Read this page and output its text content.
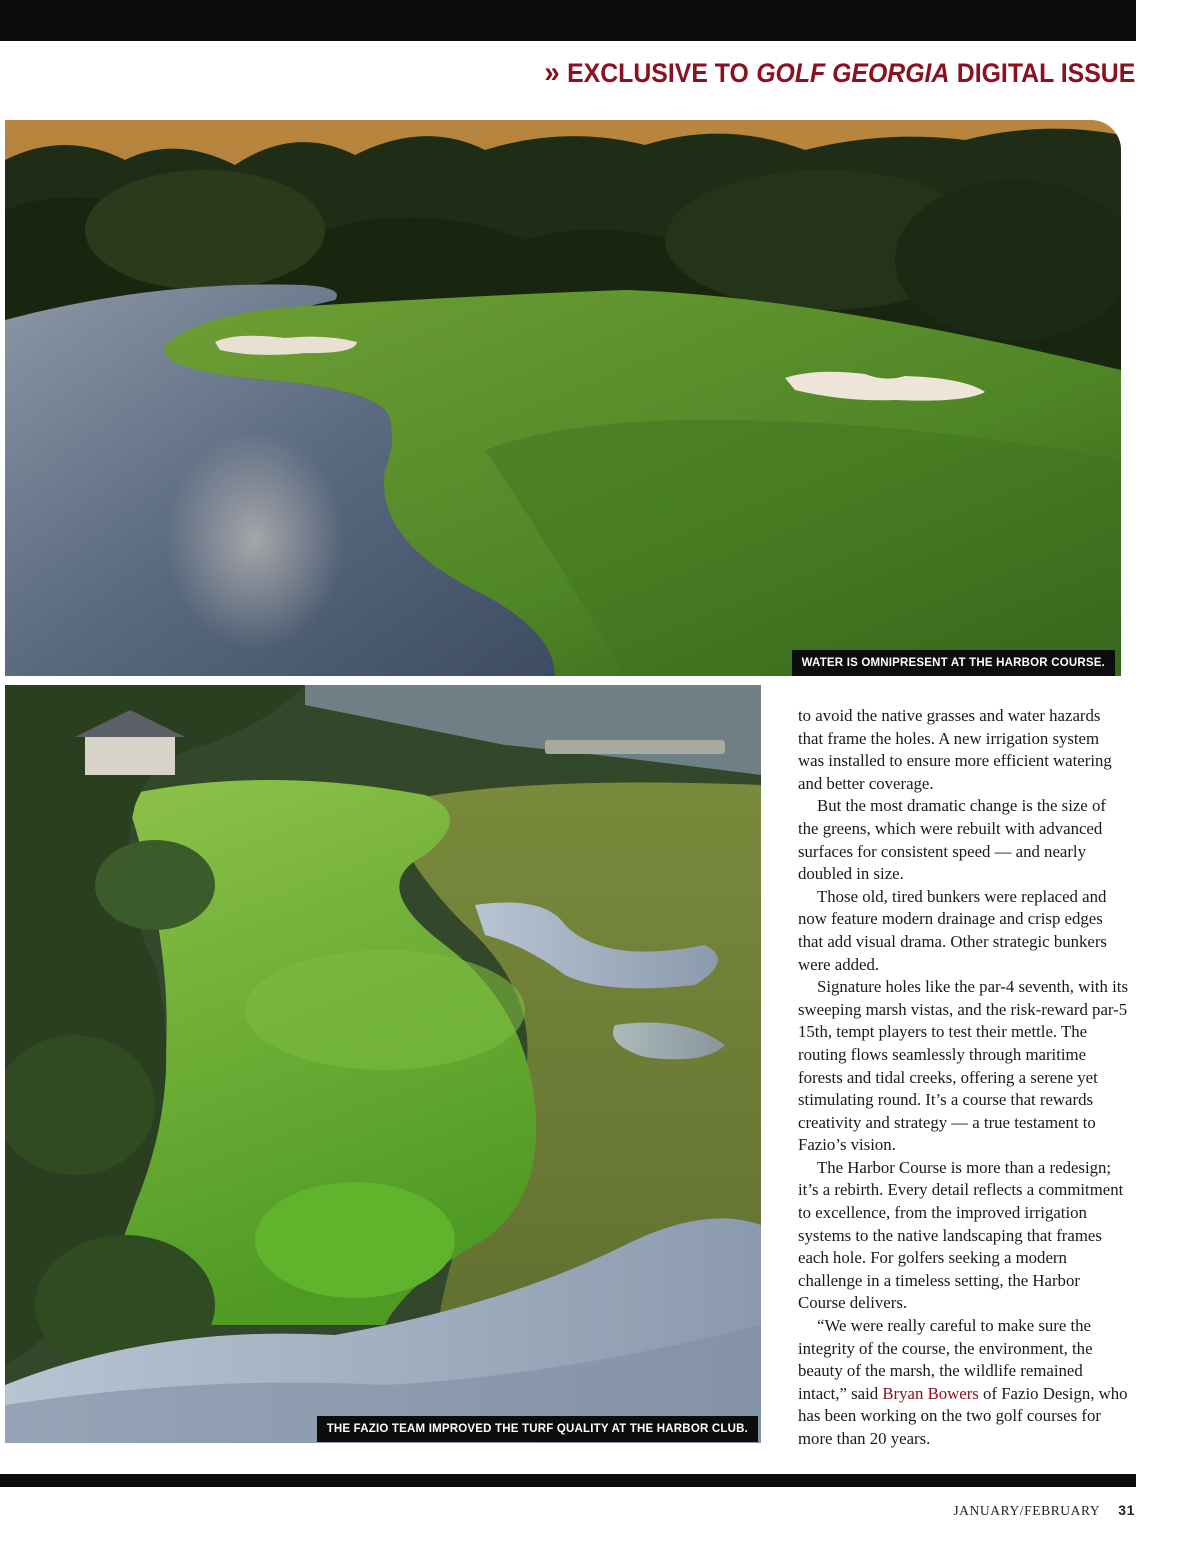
» EXCLUSIVE TO GOLF GEORGIA DIGITAL ISSUE
WATER IS OMNIPRESENT AT THE HARBOR COURSE.
THE FAZIO TEAM IMPROVED THE TURF QUALITY AT THE HARBOR CLUB.

to avoid the native grasses and water hazards that frame the holes. A new irrigation system was installed to ensure more efficient watering and better coverage.

But the most dramatic change is the size of the greens, which were rebuilt with advanced surfaces for consistent speed — and nearly doubled in size.

Those old, tired bunkers were replaced and now feature modern drainage and crisp edges that add visual drama. Other strategic bunkers were added.

Signature holes like the par-4 seventh, with its sweeping marsh vistas, and the risk-reward par-5 15th, tempt players to test their mettle. The routing flows seamlessly through maritime forests and tidal creeks, offering a serene yet stimulating round. It’s a course that rewards creativity and strategy — a true testament to Fazio’s vision.

The Harbor Course is more than a redesign; it’s a rebirth. Every detail reflects a commitment to excellence, from the improved irrigation systems to the native landscaping that frames each hole. For golfers seeking a modern challenge in a timeless setting, the Harbor Course delivers.

“We were really careful to make sure the integrity of the course, the environment, the beauty of the marsh, the wildlife remained intact,” said Bryan Bowers of Fazio Design, who has been working on the two golf courses for more than 20 years.

JANUARY/FEBRUARY 31
